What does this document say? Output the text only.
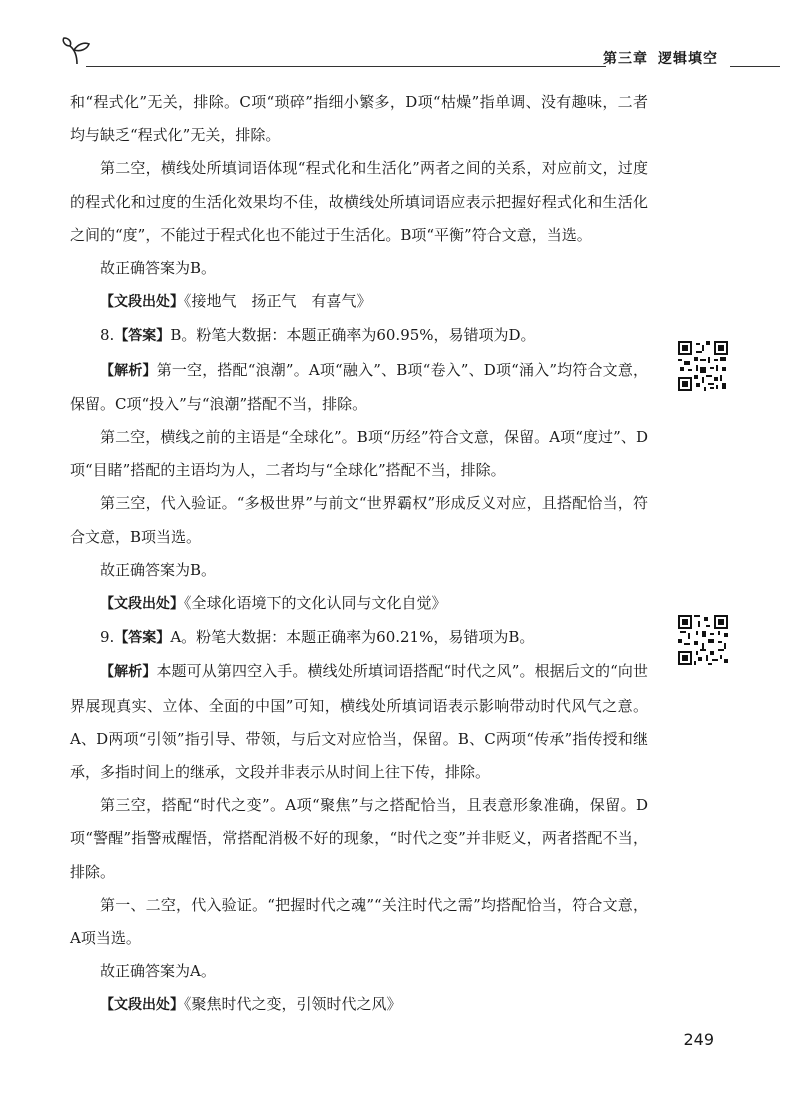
第三章 逻辑填空

和“程式化”无关，排除。C项“琐碎”指细小繁多，D项“枯燥”指单调、没有趣味，二者均与缺乏“程式化”无关，排除。

第二空，横线处所填词语体现“程式化和生活化”两者之间的关系，对应前文，过度的程式化和过度的生活化效果均不佳，故横线处所填词语应表示把握好程式化和生活化之间的“度”，不能过于程式化也不能过于生活化。B项“平衡”符合文意，当选。

故正确答案为B。

【文段出处】《接地气　扬正气　有喜气》

8.【答案】B。粉笔大数据：本题正确率为60.95%，易错项为D。

【解析】第一空，搭配“浪潮”。A项“融入”、B项“卷入”、D项“涌入”均符合文意，保留。C项“投入”与“浪潮”搭配不当，排除。

第二空，横线之前的主语是“全球化”。B项“历经”符合文意，保留。A项“度过”、D项“目睹”搭配的主语均为人，二者均与“全球化”搭配不当，排除。

第三空，代入验证。“多极世界”与前文“世界霸权”形成反义对应，且搭配恰当，符合文意，B项当选。

故正确答案为B。

【文段出处】《全球化语境下的文化认同与文化自觉》

9.【答案】A。粉笔大数据：本题正确率为60.21%，易错项为B。

【解析】本题可从第四空入手。横线处所填词语搭配“时代之风”。根据后文的“向世界展现真实、立体、全面的中国”可知，横线处所填词语表示影响带动时代风气之意。A、D两项“引领”指引导、带领，与后文对应恰当，保留。B、C两项“传承”指传授和继承，多指时间上的继承，文段并非表示从时间上往下传，排除。

第三空，搭配“时代之变”。A项“聚焦”与之搭配恰当，且表意形象准确，保留。D项“警醒”指警戒醒悟，常搭配消极不好的现象，“时代之变”并非贬义，两者搭配不当，排除。

第一、二空，代入验证。“把握时代之魂”“关注时代之需”均搭配恰当，符合文意，A项当选。

故正确答案为A。

【文段出处】《聚焦时代之变，引领时代之风》

249
